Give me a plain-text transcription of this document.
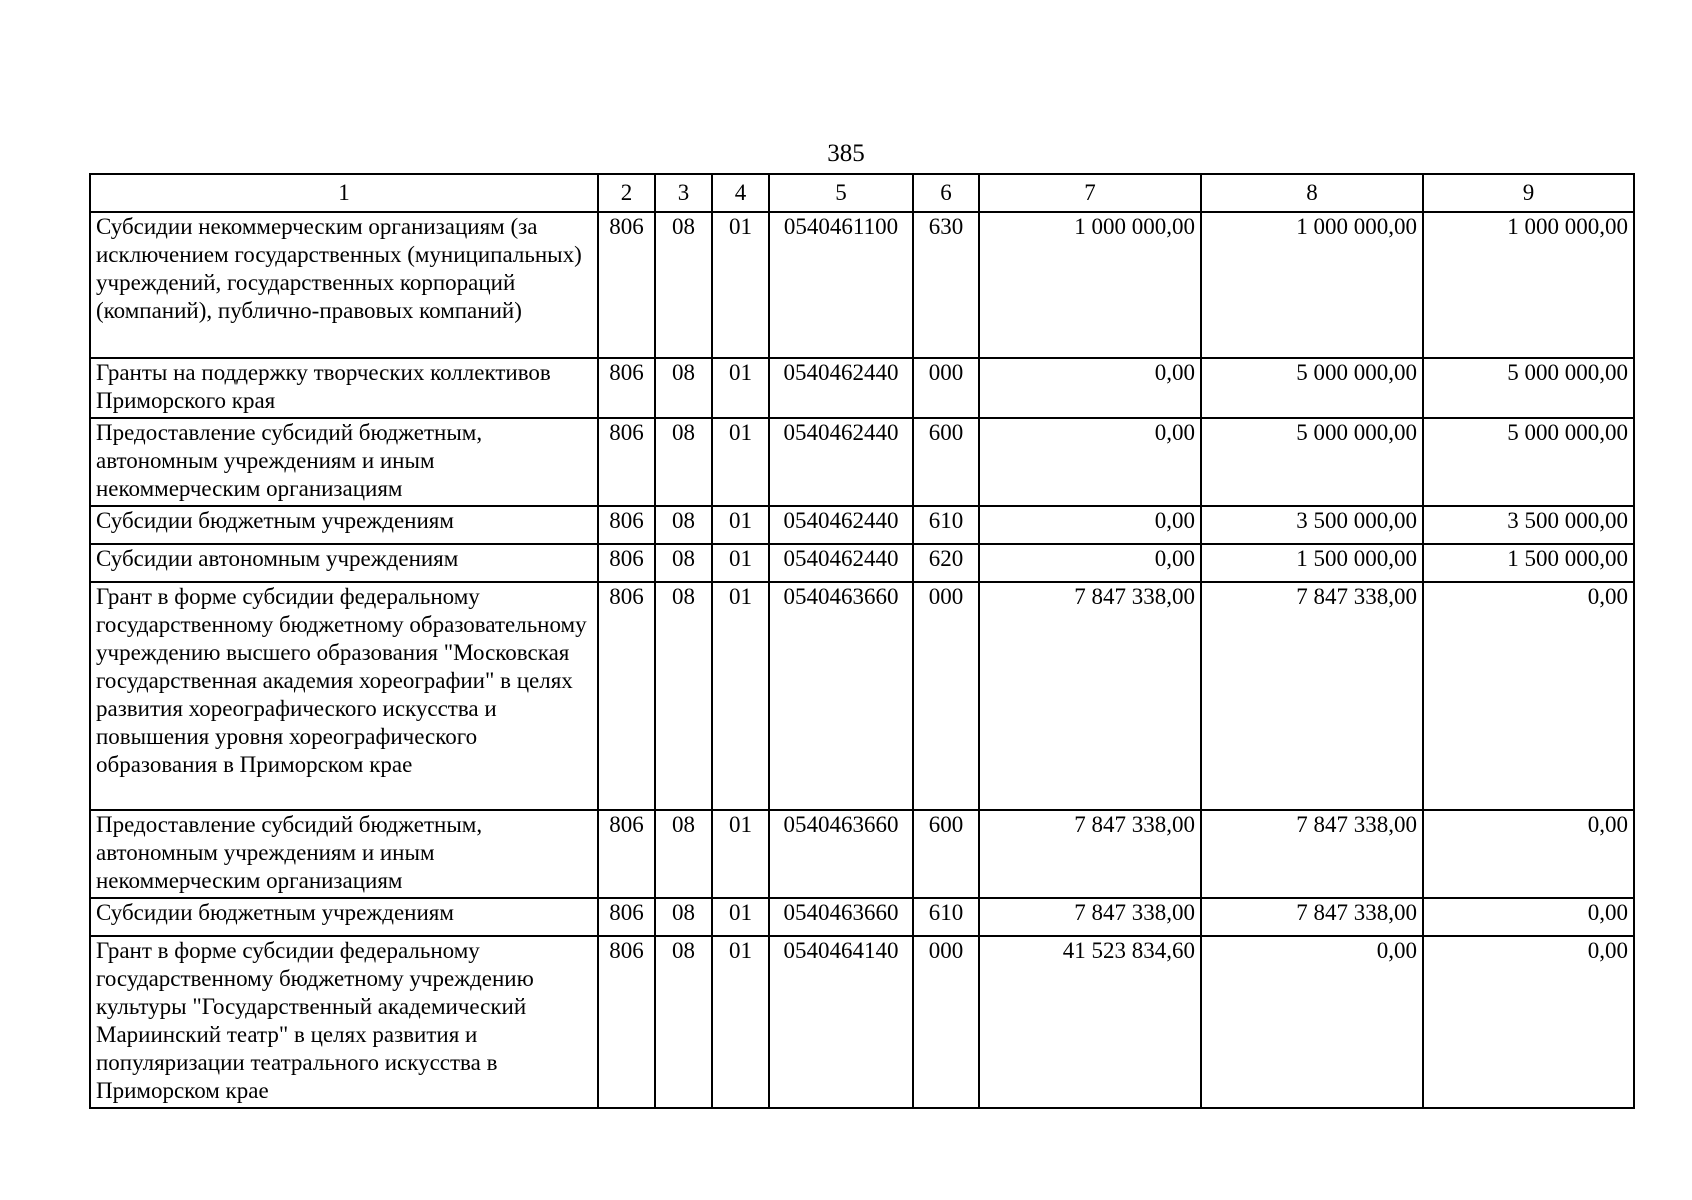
385
1	2	3	4	5	6	7	8	9
Субсидии некоммерческим организациям (за исключением государственных (муниципальных) учреждений, государственных корпораций (компаний), публично-правовых компаний)	806	08	01	0540461100	630	1 000 000,00	1 000 000,00	1 000 000,00
Гранты на поддержку творческих коллективов Приморского края	806	08	01	0540462440	000	0,00	5 000 000,00	5 000 000,00
Предоставление субсидий бюджетным, автономным учреждениям и иным некоммерческим организациям	806	08	01	0540462440	600	0,00	5 000 000,00	5 000 000,00
Субсидии бюджетным учреждениям	806	08	01	0540462440	610	0,00	3 500 000,00	3 500 000,00
Субсидии автономным учреждениям	806	08	01	0540462440	620	0,00	1 500 000,00	1 500 000,00
Грант в форме субсидии федеральному государственному бюджетному образовательному учреждению высшего образования "Московская государственная академия хореографии" в целях развития хореографического искусства и повышения уровня хореографического образования в Приморском крае	806	08	01	0540463660	000	7 847 338,00	7 847 338,00	0,00
Предоставление субсидий бюджетным, автономным учреждениям и иным некоммерческим организациям	806	08	01	0540463660	600	7 847 338,00	7 847 338,00	0,00
Субсидии бюджетным учреждениям	806	08	01	0540463660	610	7 847 338,00	7 847 338,00	0,00
Грант в форме субсидии федеральному государственному бюджетному учреждению культуры "Государственный академический Мариинский театр" в целях развития и популяризации театрального искусства в Приморском крае	806	08	01	0540464140	000	41 523 834,60	0,00	0,00
